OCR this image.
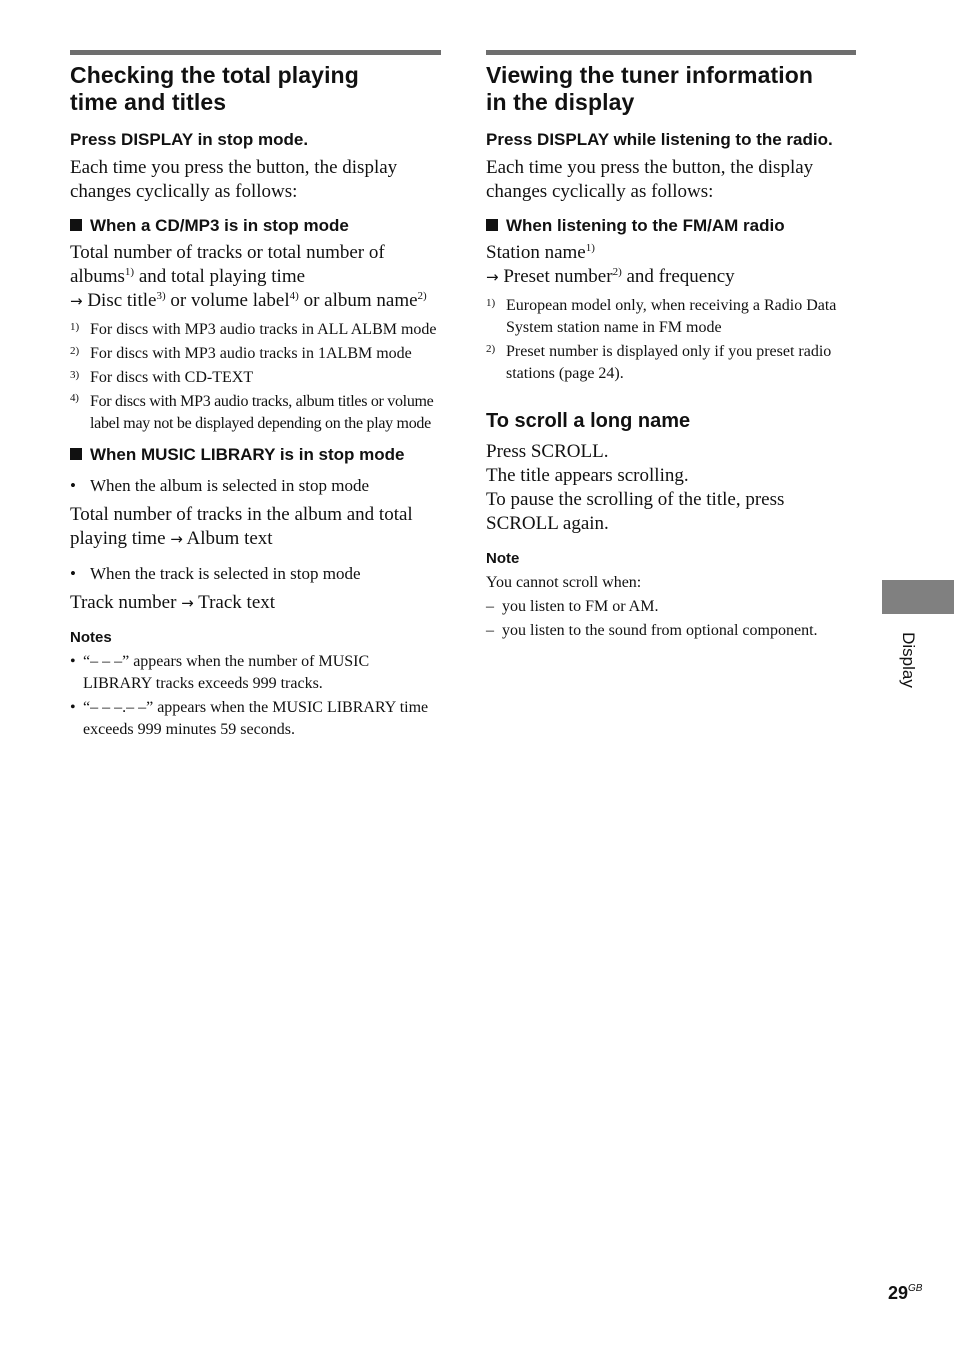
Display
Checking the total playing
time and titles
Press DISPLAY in stop mode.

Each time you press the button, the display changes cyclically as follows:

When a CD/MP3 is in stop mode

Total number of tracks or total number of albums$^{1)}$ and total playing time
→ Disc title$^{3)}$ or volume label$^{4)}$ or album name$^{2)}$

1) For discs with MP3 audio tracks in ALL ALBM mode
2) For discs with MP3 audio tracks in 1ALBM mode
3) For discs with CD-TEXT
4) For discs with MP3 audio tracks, album titles or volume label may not be displayed depending on the play mode
When MUSIC LIBRARY is in stop mode
• When the album is selected in stop mode

Total number of tracks in the album and total playing time → Album text

• When the track is selected in stop mode

Track number → Track text

Notes
• “– – –” appears when the number of MUSIC LIBRARY tracks exceeds 999 tracks.
• “– – –.– –” appears when the MUSIC LIBRARY time exceeds 999 minutes 59 seconds.
Viewing the tuner information
in the display
Press DISPLAY while listening to the radio.

Each time you press the button, the display changes cyclically as follows:

When listening to the FM/AM radio

Station name$^{1)}$
→ Preset number$^{2)}$ and frequency

1) European model only, when receiving a Radio Data System station name in FM mode
2) Preset number is displayed only if you preset radio stations (page 24).
To scroll a long name

Press SCROLL.

The title appears scrolling.

To pause the scrolling of the title, press SCROLL again.

Note
You cannot scroll when:
– you listen to FM or AM.
– you listen to the sound from optional component.
$29^{GB}$
